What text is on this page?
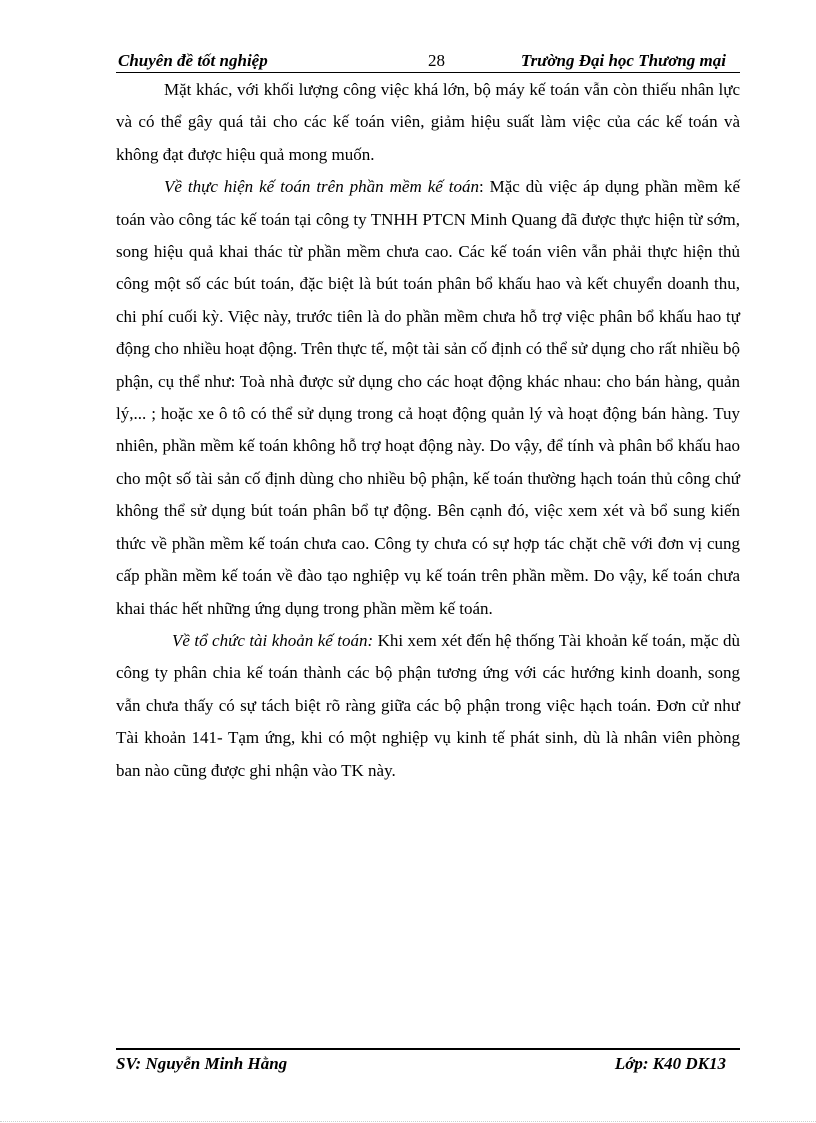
Chuyên đề tốt nghiệp	28	Trường Đại học Thương mại

Mặt khác, với khối lượng công việc khá lớn, bộ máy kế toán vẫn còn thiếu nhân lực và có thể gây quá tải cho các kế toán viên, giảm hiệu suất làm việc của các kế toán và không đạt được hiệu quả mong muốn.

Về thực hiện kế toán trên phần mềm kế toán: Mặc dù việc áp dụng phần mềm kế toán vào công tác kế toán tại công ty TNHH PTCN Minh Quang đã được thực hiện từ sớm, song hiệu quả khai thác từ phần mềm chưa cao. Các kế toán viên vẫn phải thực hiện thủ công một số các bút toán, đặc biệt là bút toán phân bổ khấu hao và kết chuyển doanh thu, chi phí cuối kỳ. Việc này, trước tiên là do phần mềm chưa hỗ trợ việc phân bổ khấu hao tự động cho nhiều hoạt động. Trên thực tế, một tài sản cố định có thể sử dụng cho rất nhiều bộ phận, cụ thể như: Toà nhà được sử dụng cho các hoạt động khác nhau: cho bán hàng, quản lý,... ; hoặc xe ô tô có thể sử dụng trong cả hoạt động quản lý và hoạt động bán hàng. Tuy nhiên, phần mềm kế toán không hỗ trợ hoạt động này. Do vậy, để tính và phân bổ khấu hao cho một số tài sản cố định dùng cho nhiều bộ phận, kế toán thường hạch toán thủ công chứ không thể sử dụng bút toán phân bổ tự động. Bên cạnh đó, việc xem xét và bổ sung kiến thức về phần mềm kế toán chưa cao. Công ty chưa có sự hợp tác chặt chẽ với đơn vị cung cấp phần mềm kế toán về đào tạo nghiệp vụ kế toán trên phần mềm. Do vậy, kế toán chưa khai thác hết những ứng dụng trong phần mềm kế toán.

Về tổ chức tài khoản kế toán: Khi xem xét đến hệ thống Tài khoản kế toán, mặc dù công ty phân chia kế toán thành các bộ phận tương ứng với các hướng kinh doanh, song vẫn chưa thấy có sự tách biệt rõ ràng giữa các bộ phận trong việc hạch toán. Đơn cử như Tài khoản 141- Tạm ứng, khi có một nghiệp vụ kinh tế phát sinh, dù là nhân viên phòng ban nào cũng được ghi nhận vào TK này.

SV: Nguyễn Minh Hằng	Lớp: K40 DK13
